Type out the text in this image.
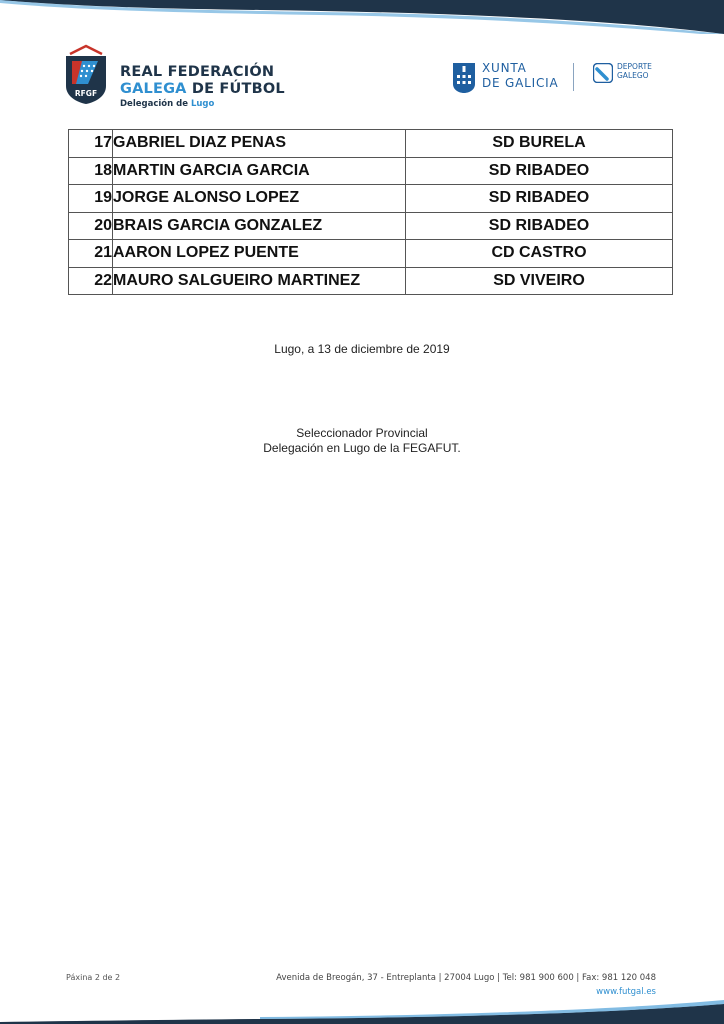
RFGF
REAL FEDERACIÓN
GALEGA DE FÚTBOL
Delegación de Lugo
XUNTA
DE GALICIA
DEPORTE
GALEGO
17	GABRIEL DIAZ PENAS	SD BURELA
18	MARTIN GARCIA GARCIA	SD RIBADEO
19	JORGE ALONSO LOPEZ	SD RIBADEO
20	BRAIS GARCIA GONZALEZ	SD RIBADEO
21	AARON LOPEZ PUENTE	CD CASTRO
22	MAURO SALGUEIRO MARTINEZ	SD VIVEIRO
Lugo, a 13 de diciembre de 2019
Seleccionador Provincial
Delegación en Lugo de la FEGAFUT.
Páxina 2 de 2	Avenida de Breogán, 37 - Entreplanta | 27004 Lugo | Tel: 981 900 600 | Fax: 981 120 048
www.futgal.es
